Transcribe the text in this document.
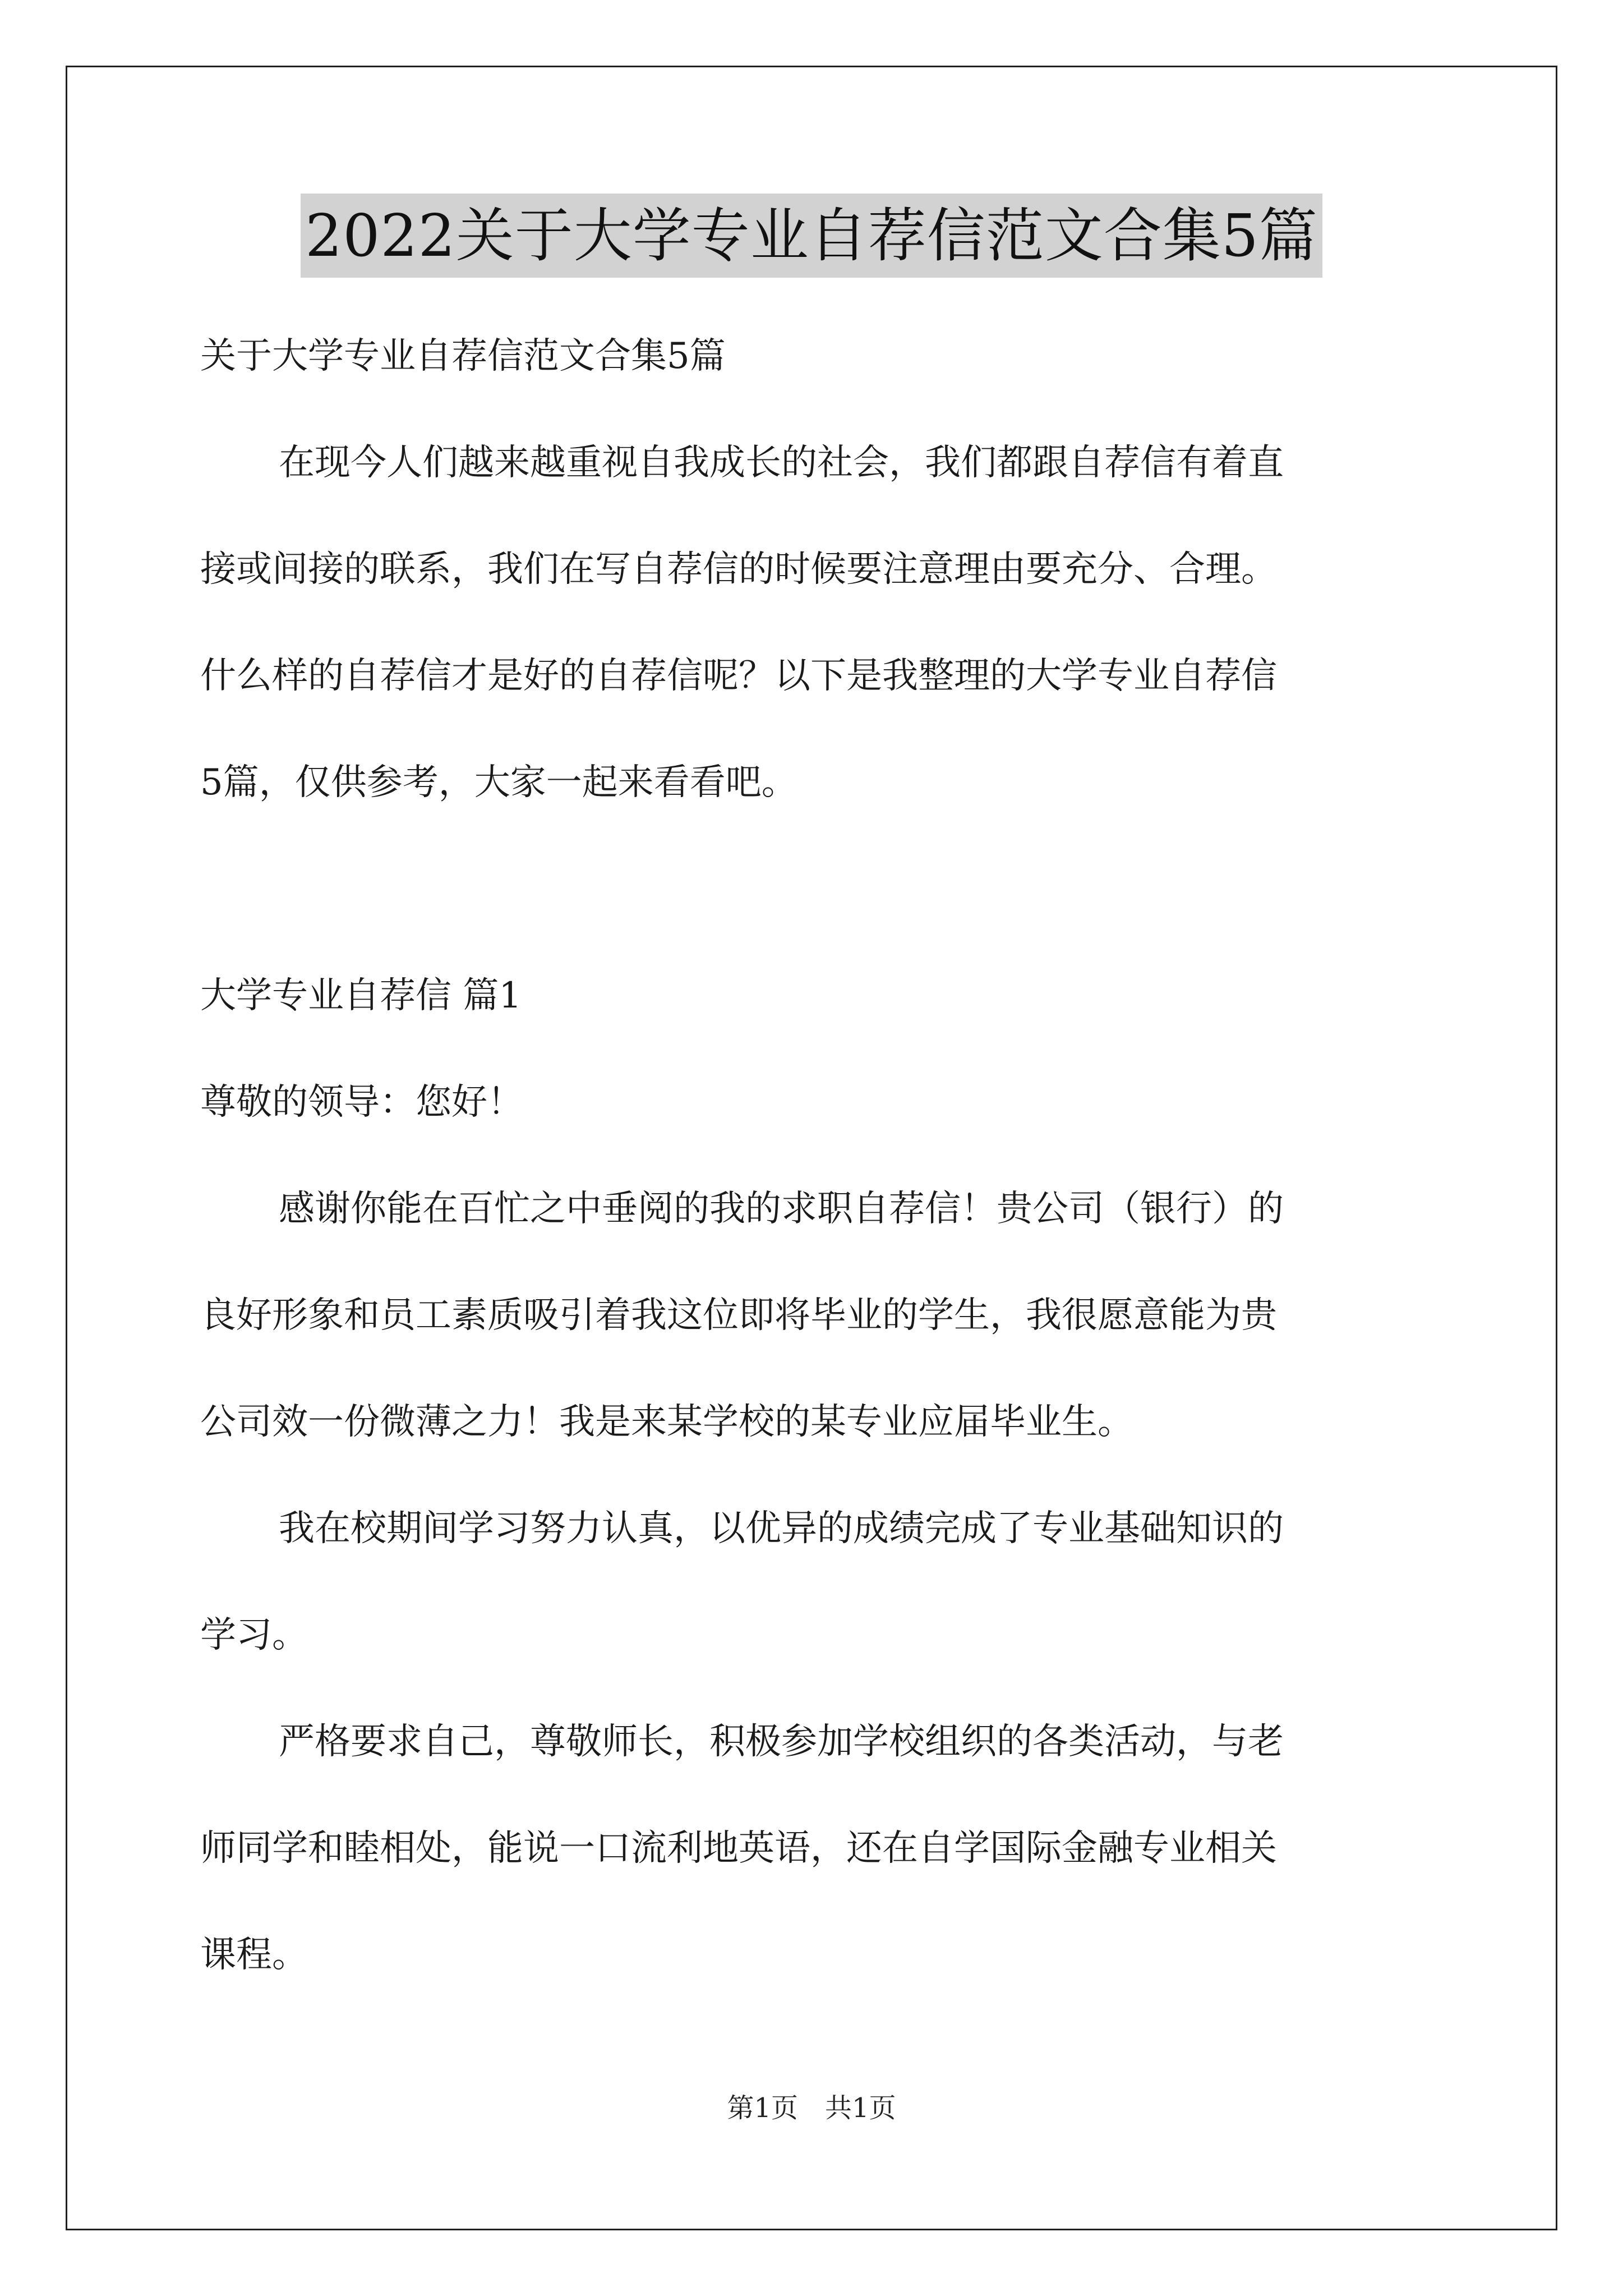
2022关于大学专业自荐信范文合集5篇
关于大学专业自荐信范文合集5篇
在现今人们越来越重视自我成长的社会，我们都跟自荐信有着直
接或间接的联系，我们在写自荐信的时候要注意理由要充分、合理。
什么样的自荐信才是好的自荐信呢？以下是我整理的大学专业自荐信
5篇，仅供参考，大家一起来看看吧。
大学专业自荐信 篇1
尊敬的领导：您好！
感谢你能在百忙之中垂阅的我的求职自荐信！贵公司（银行）的
良好形象和员工素质吸引着我这位即将毕业的学生，我很愿意能为贵
公司效一份微薄之力！我是来某学校的某专业应届毕业生。
我在校期间学习努力认真，以优异的成绩完成了专业基础知识的
学习。
严格要求自己，尊敬师长，积极参加学校组织的各类活动，与老
师同学和睦相处，能说一口流利地英语，还在自学国际金融专业相关
课程。
第1页　共1页
